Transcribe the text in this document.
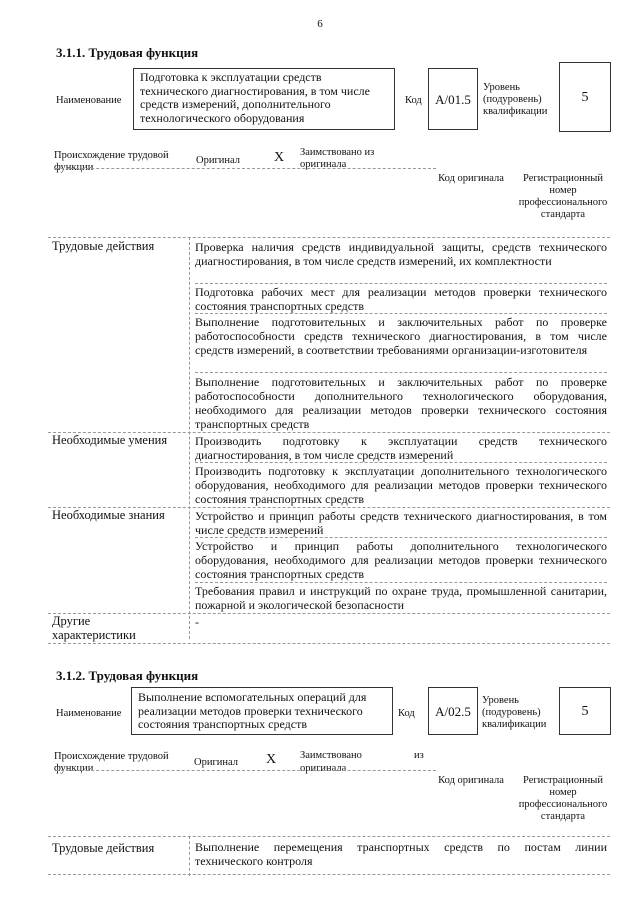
6
3.1.1. Трудовая функция
Наименование
Подготовка к эксплуатации средств технического диагностирования, в том числе средств измерений, дополнительного технологического оборудования
Код	A/01.5
Уровень (подуровень) квалификации
5
Происхождение трудовой функции
Оригинал X Заимствовано из оригинала
Код оригинала	Регистрационный номер профессионального стандарта
Трудовые действия	Проверка наличия средств индивидуальной защиты, средств технического диагностирования, в том числе средств измерений, их комплектности
Подготовка рабочих мест для реализации методов проверки технического состояния транспортных средств
Выполнение подготовительных и заключительных работ по проверке работоспособности средств технического диагностирования, в том числе средств измерений, в соответствии требованиями организации-изготовителя
Выполнение подготовительных и заключительных работ по проверке работоспособности дополнительного технологического оборудования, необходимого для реализации методов проверки технического состояния транспортных средств
Необходимые умения	Производить подготовку к эксплуатации средств технического диагностирования, в том числе средств измерений
Производить подготовку к эксплуатации дополнительного технологического оборудования, необходимого для реализации методов проверки технического состояния транспортных средств
Необходимые знания	Устройство и принцип работы средств технического диагностирования, в том числе средств измерений
Устройство и принцип работы дополнительного технологического оборудования, необходимого для реализации методов проверки технического состояния транспортных средств
Требования правил и инструкций по охране труда, промышленной санитарии, пожарной и экологической безопасности
Другие характеристики
-
3.1.2. Трудовая функция
Наименование
Выполнение вспомогательных операций для реализации методов проверки технического состояния транспортных средств
Код	A/02.5
Уровень (подуровень) квалификации
5
Происхождение трудовой функции
Оригинал X Заимствовано	из
оригинала
Код оригинала	Регистрационный номер профессионального стандарта
Трудовые действия	Выполнение перемещения транспортных средств по постам линии технического контроля
